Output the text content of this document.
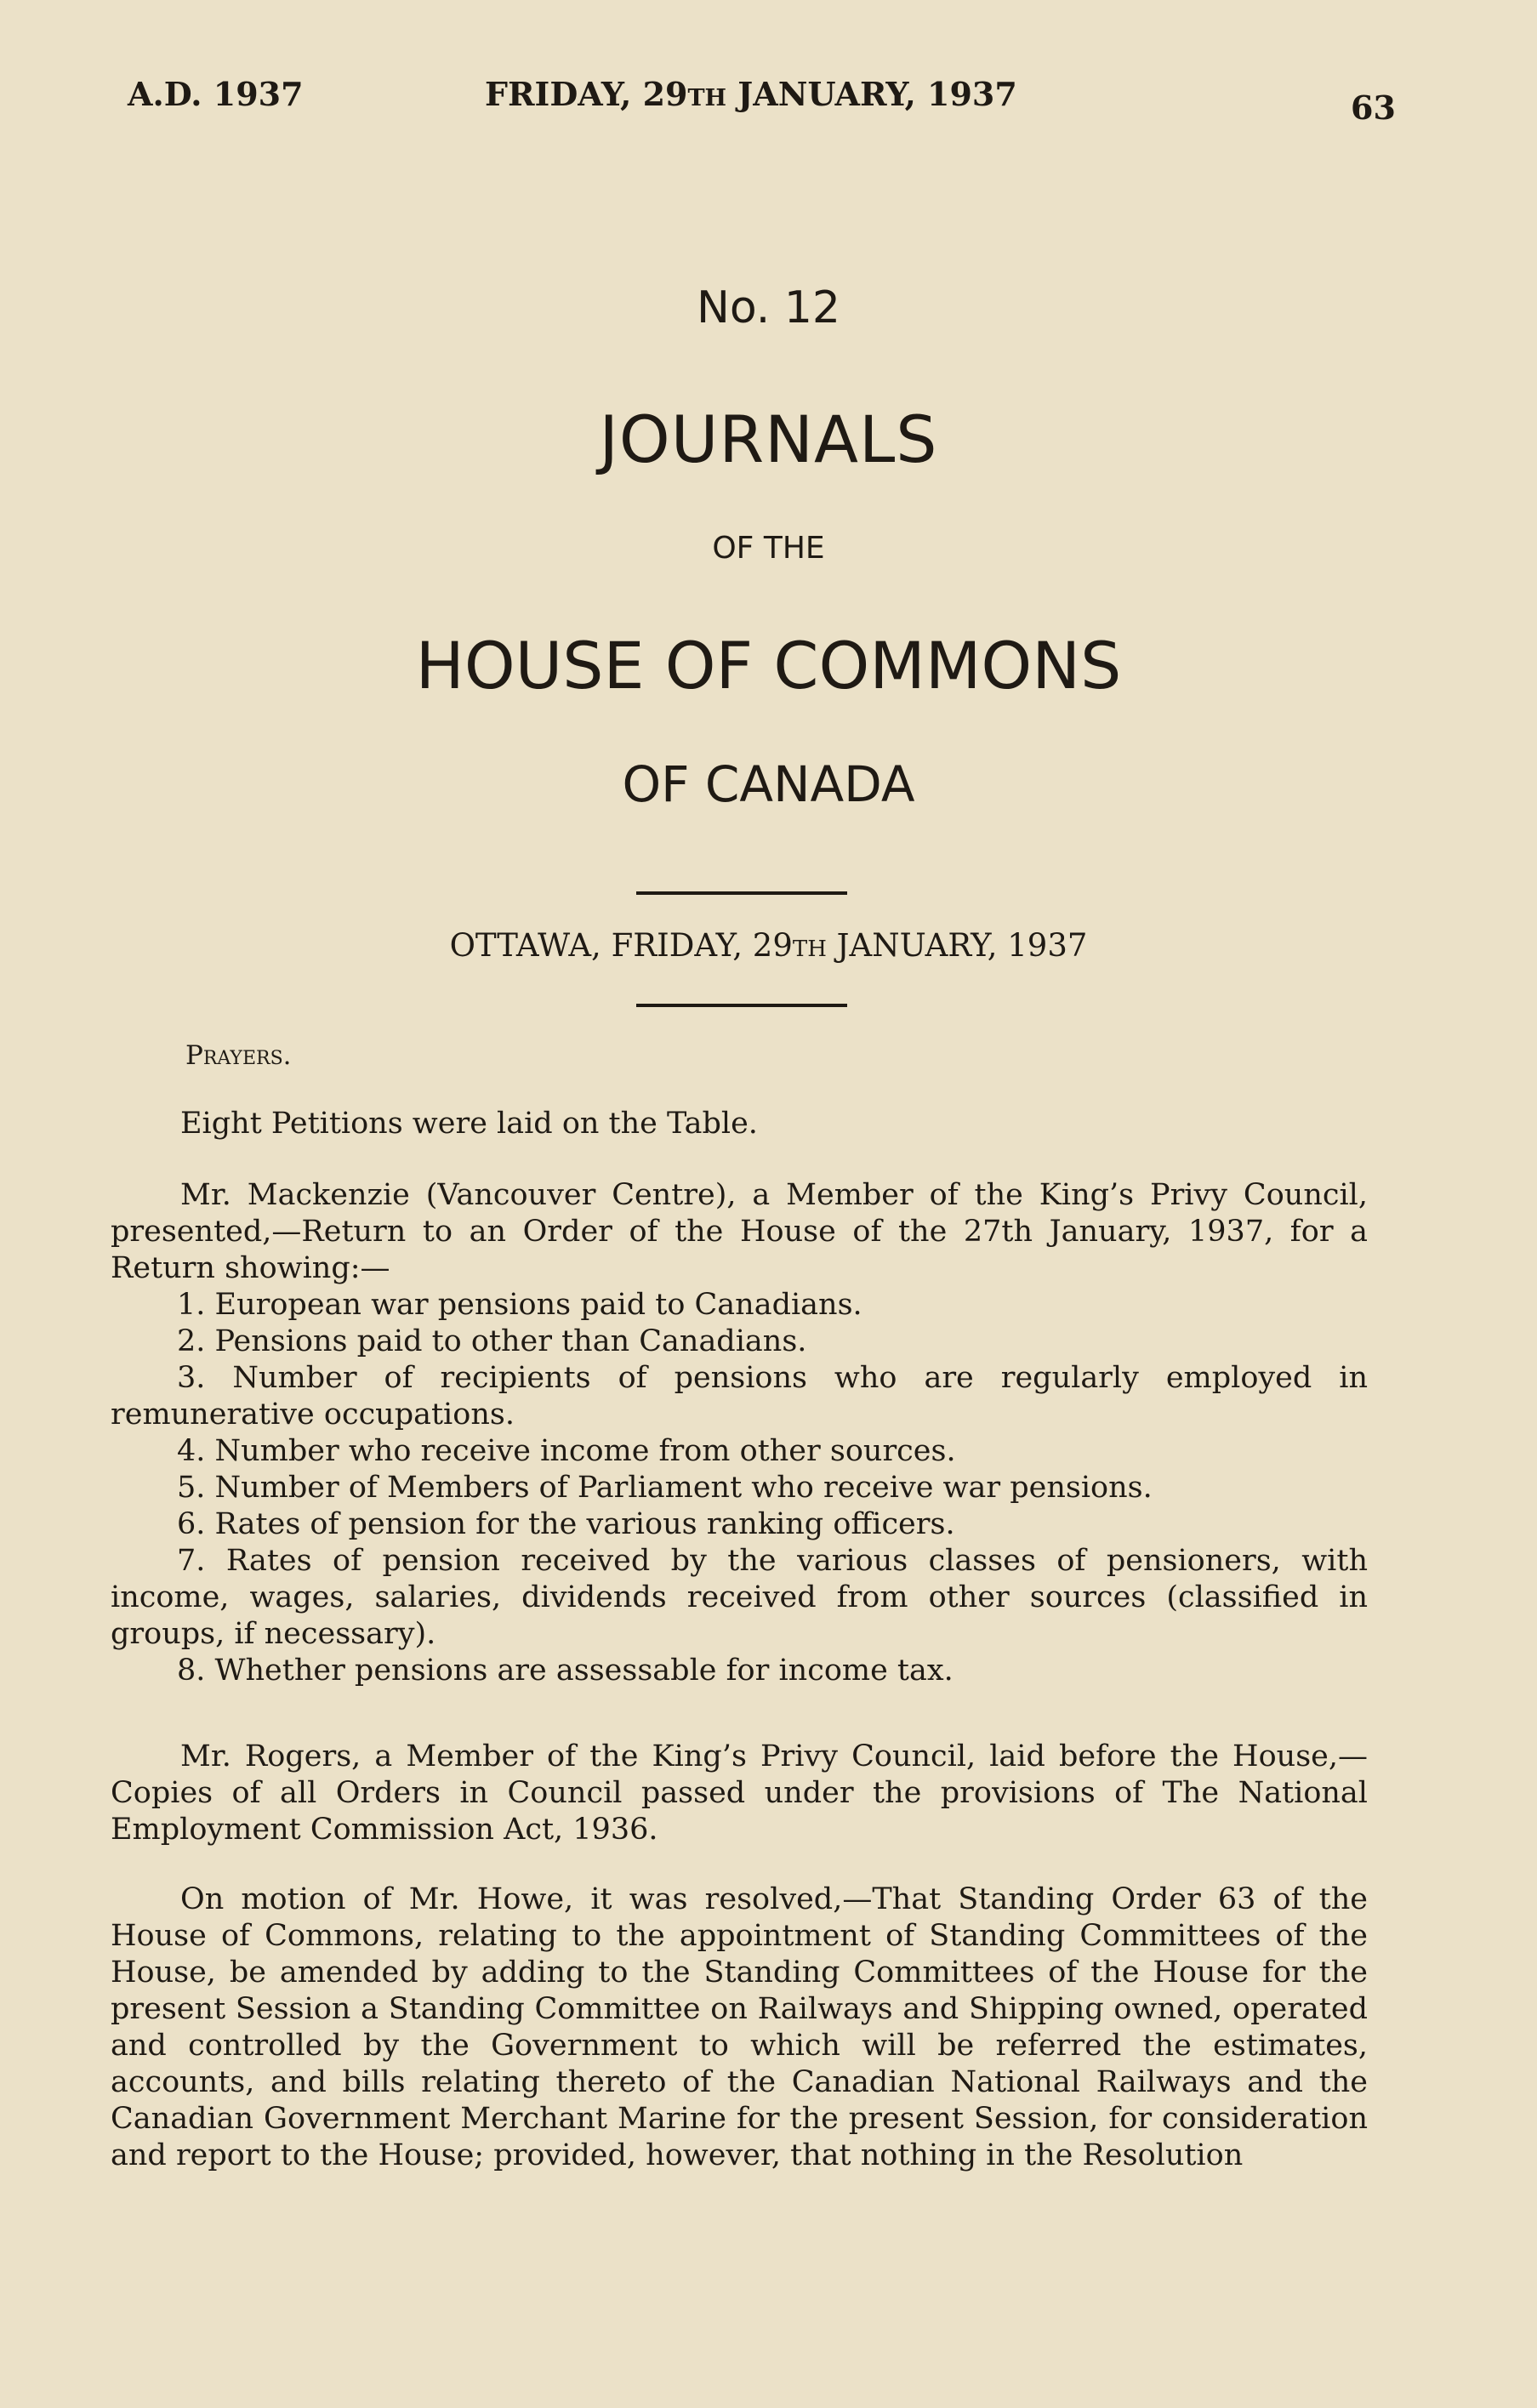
A.D. 1937	FRIDAY, 29th JANUARY, 1937	63
No. 12
JOURNALS
OF THE
HOUSE OF COMMONS
OF CANADA
OTTAWA, FRIDAY, 29th JANUARY, 1937
Prayers.

Eight Petitions were laid on the Table.

Mr. Mackenzie (Vancouver Centre), a Member of the King’s Privy Council, presented,—Return to an Order of the House of the 27th January, 1937, for a Return showing:—

1. European war pensions paid to Canadians.

2. Pensions paid to other than Canadians.

3. Number of recipients of pensions who are regularly employed in remunerative occupations.

4. Number who receive income from other sources.

5. Number of Members of Parliament who receive war pensions.

6. Rates of pension for the various ranking officers.

7. Rates of pension received by the various classes of pensioners, with income, wages, salaries, dividends received from other sources (classified in groups, if necessary).

8. Whether pensions are assessable for income tax.

Mr. Rogers, a Member of the King’s Privy Council, laid before the House,—Copies of all Orders in Council passed under the provisions of The National Employment Commission Act, 1936.

On motion of Mr. Howe, it was resolved,—That Standing Order 63 of the House of Commons, relating to the appointment of Standing Committees of the House, be amended by adding to the Standing Committees of the House for the present Session a Standing Committee on Railways and Shipping owned, operated and controlled by the Government to which will be referred the estimates, accounts, and bills relating thereto of the Canadian National Railways and the Canadian Government Merchant Marine for the present Session, for consideration and report to the House; provided, however, that nothing in the Resolution
